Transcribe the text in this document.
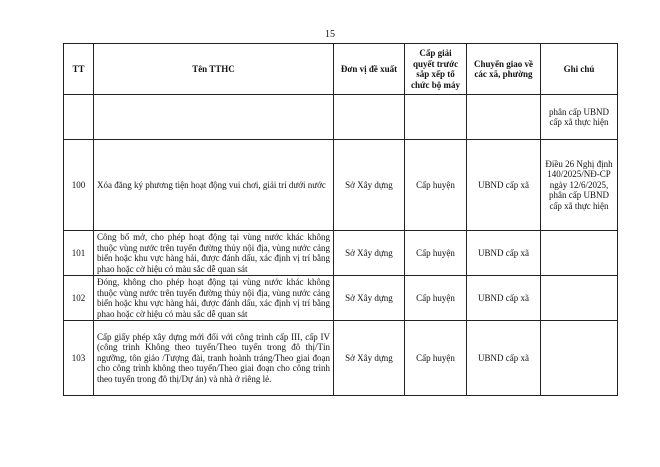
15
TT	Tên TTHC	Đơn vị đề xuất	Cấp giải quyết trước sắp xếp tổ chức bộ máy	Chuyển giao về các xã, phường	Ghi chú
					phân cấp UBND cấp xã thực hiện
100	Xóa đăng ký phương tiện hoạt động vui chơi, giải trí dưới nước	Sở Xây dựng	Cấp huyện	UBND cấp xã	Điều 26 Nghị định 140/2025/NĐ-CP ngày 12/6/2025, phân cấp UBND cấp xã thực hiện
101	Công bố mở, cho phép hoạt động tại vùng nước khác không thuộc vùng nước trên tuyến đường thủy nội địa, vùng nước cảng biển hoặc khu vực hàng hải, được đánh dấu, xác định vị trí bằng phao hoặc cờ hiệu có màu sắc dễ quan sát	Sở Xây dựng	Cấp huyện	UBND cấp xã	
102	Đóng, không cho phép hoạt động tại vùng nước khác không thuộc vùng nước trên tuyến đường thủy nội địa, vùng nước cảng biển hoặc khu vực hàng hải, được đánh dấu, xác định vị trí bằng phao hoặc cờ hiệu có màu sắc dễ quan sát	Sở Xây dựng	Cấp huyện	UBND cấp xã	
103	Cấp giấy phép xây dựng mới đối với công trình cấp III, cấp IV (công trình Không theo tuyến/Theo tuyến trong đô thị/Tín ngưỡng, tôn giáo /Tượng đài, tranh hoành tráng/Theo giai đoạn cho công trình không theo tuyến/Theo giai đoạn cho công trình theo tuyến trong đô thị/Dự án) và nhà ở riêng lẻ.	Sở Xây dựng	Cấp huyện	UBND cấp xã	
